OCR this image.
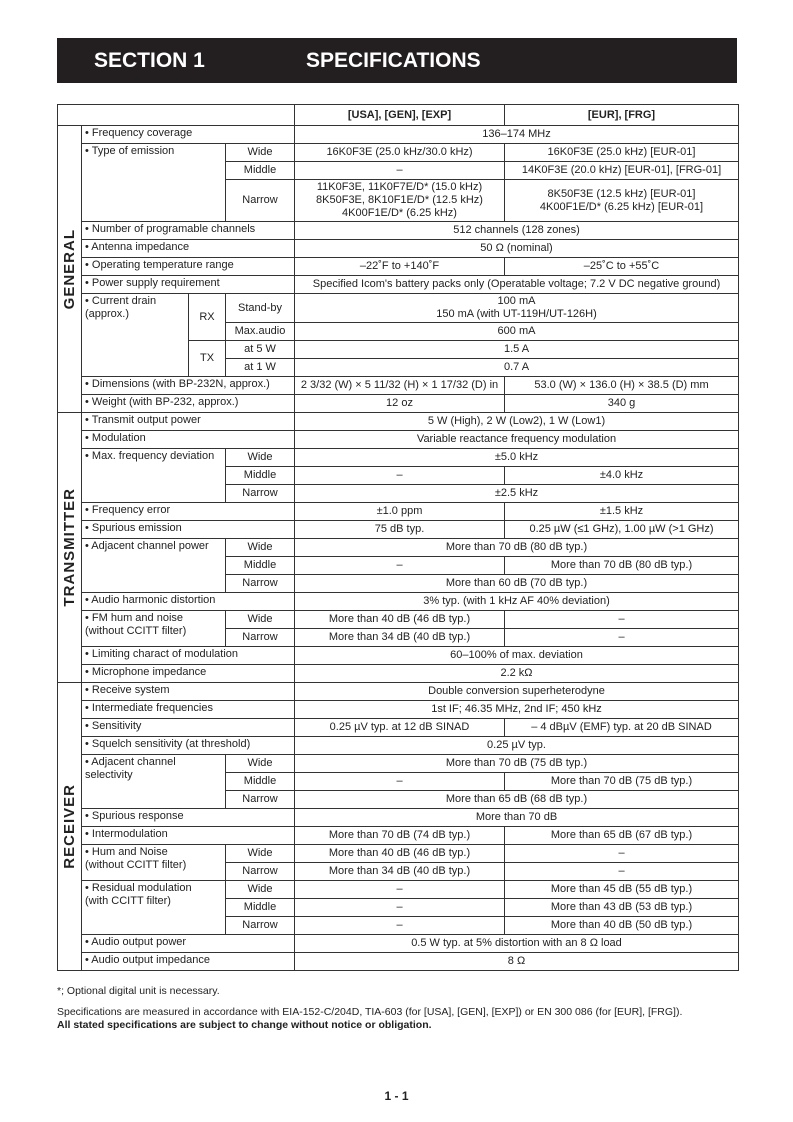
SECTION 1	SPECIFICATIONS
				[USA], [GEN], [EXP]	[EUR], [FRG]

GENERAL	• Frequency coverage			136–174 MHz	
	• Type of emission		Wide	16K0F3E (25.0 kHz/30.0 kHz)	16K0F3E (25.0 kHz) [EUR-01]
			Middle	–	14K0F3E (20.0 kHz) [EUR-01], [FRG-01]
			Narrow	11K0F3E, 11K0F7E/D* (15.0 kHz)
8K50F3E, 8K10F1E/D* (12.5 kHz)
4K00F1E/D* (6.25 kHz)	8K50F3E (12.5 kHz) [EUR-01]
4K00F1E/D* (6.25 kHz) [EUR-01]
	• Number of programable channels			512 channels (128 zones)	
	• Antenna impedance			50 Ω (nominal)	
	• Operating temperature range			–22˚F to +140˚F	–25˚C to +55˚C
	• Power supply requirement			Specified Icom's battery packs only (Operatable voltage; 7.2 V DC negative ground)	
	• Current drain
(approx.)	RX	Stand-by	100 mA
150 mA (with UT-119H/UT-126H)	
			Max.audio	600 mA	
		TX	at 5 W	1.5 A	
			at 1 W	0.7 A	
	• Dimensions (with BP-232N, approx.)			2 3/32 (W) × 5 11/32 (H) × 1 17/32 (D) in	53.0 (W) × 136.0 (H) × 38.5 (D) mm
	• Weight (with BP-232, approx.)			12 oz	340 g

TRANSMITTER	• Transmit output power			5 W (High), 2 W (Low2), 1 W (Low1)	
	• Modulation			Variable reactance frequency modulation	
	• Max. frequency deviation		Wide	±5.0 kHz	
			Middle	–	±4.0 kHz
			Narrow	±2.5 kHz	
	• Frequency error			±1.0 ppm	±1.5 kHz
	• Spurious emission			75 dB typ.	0.25 µW (≤1 GHz), 1.00 µW (>1 GHz)
	• Adjacent channel power		Wide	More than 70 dB (80 dB typ.)	
			Middle	–	More than 70 dB (80 dB typ.)
			Narrow	More than 60 dB (70 dB typ.)	
	• Audio harmonic distortion			3% typ. (with 1 kHz AF 40% deviation)	
	• FM hum and noise
(without CCITT filter)		Wide	More than 40 dB (46 dB typ.)	–
			Narrow	More than 34 dB (40 dB typ.)	–
	• Limiting charact of modulation			60–100% of max. deviation	
	• Microphone impedance			2.2 kΩ	

RECEIVER	• Receive system			Double conversion superheterodyne	
	• Intermediate frequencies			1st IF; 46.35 MHz, 2nd IF; 450 kHz	
	• Sensitivity			0.25 µV typ. at 12 dB SINAD	– 4 dBµV (EMF) typ. at 20 dB SINAD
	• Squelch sensitivity (at threshold)			0.25 µV typ.	
	• Adjacent channel
selectivity		Wide	More than 70 dB (75 dB typ.)	
			Middle	–	More than 70 dB (75 dB typ.)
			Narrow	More than 65 dB (68 dB typ.)	
	• Spurious response			More than 70 dB	
	• Intermodulation			More than 70 dB (74 dB typ.)	More than 65 dB (67 dB typ.)
	• Hum and Noise
(without CCITT filter)		Wide	More than 40 dB (46 dB typ.)	–
			Narrow	More than 34 dB (40 dB typ.)	–
	• Residual modulation
(with CCITT filter)		Wide	–	More than 45 dB (55 dB typ.)
			Middle	–	More than 43 dB (53 dB typ.)
			Narrow	–	More than 40 dB (50 dB typ.)
	• Audio output power			0.5 W typ. at 5% distortion with an 8 Ω load	
	• Audio output impedance			8 Ω	
*; Optional digital unit is necessary.
Specifications are measured in accordance with EIA-152-C/204D, TIA-603 (for [USA], [GEN], [EXP]) or EN 300 086 (for [EUR], [FRG]).
All stated specifications are subject to change without notice or obligation.
1 - 1
